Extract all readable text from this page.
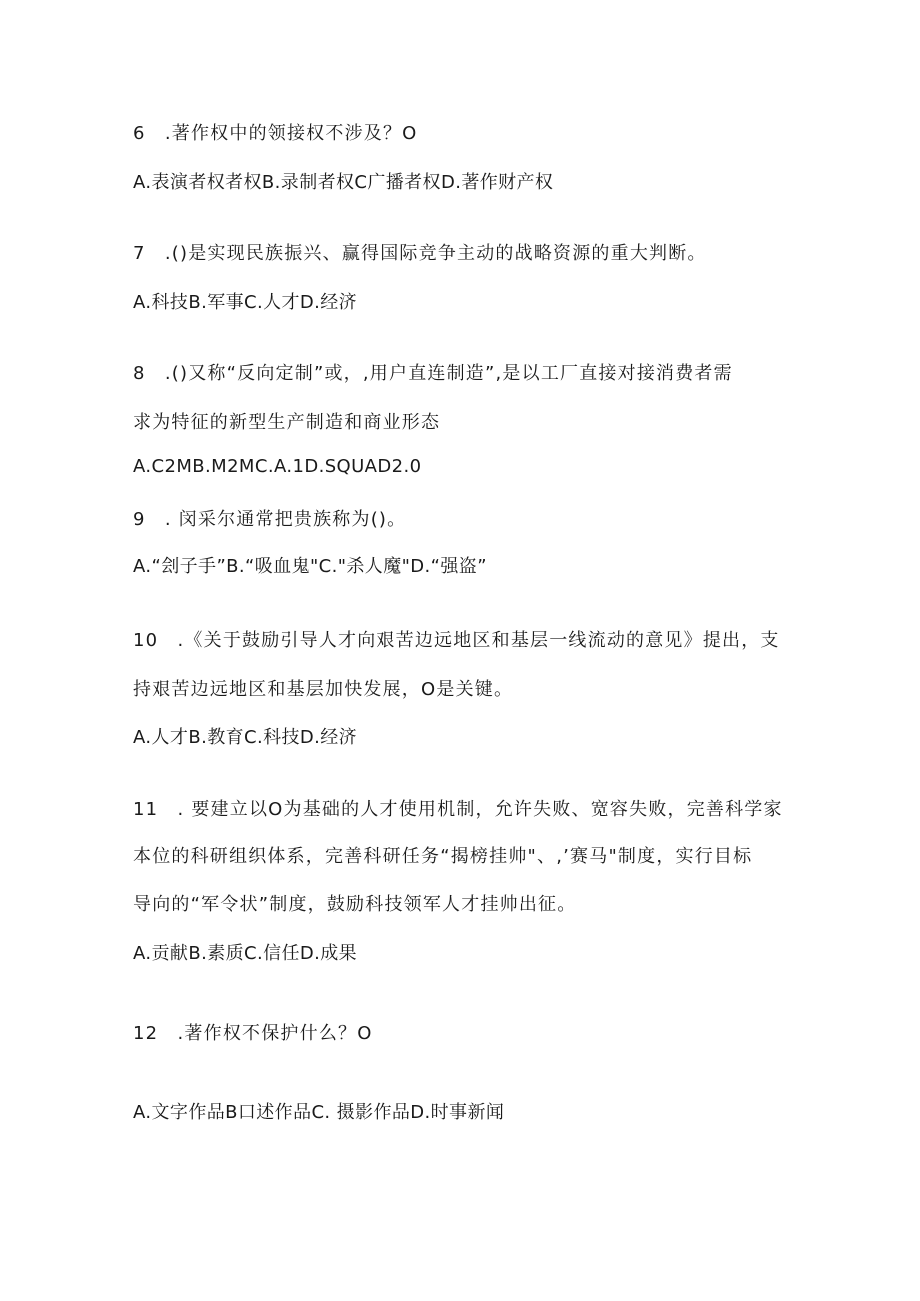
6　.著作权中的领接权不涉及？O
A.表演者权者权B.录制者权C广播者权D.著作财产权
7　.()是实现民族振兴、赢得国际竞争主动的战略资源的重大判断。
A.科技B.军事C.人才D.经济
8　.()又称“反向定制”或，,用户直连制造”,是以工厂直接对接消费者需
求为特征的新型生产制造和商业形态
A.C2MB.M2MC.A.1D.SQUAD2.0
9　. 闵采尔通常把贵族称为()。
A.“刽子手”B.“吸血鬼"C."杀人魔"D.“强盗”
10　.《关于鼓励引导人才向艰苦边远地区和基层一线流动的意见》提出，支
持艰苦边远地区和基层加快发展，O是关键。
A.人才B.教育C.科技D.经济
11　. 要建立以O为基础的人才使用机制，允许失败、宽容失败，完善科学家
本位的科研组织体系，完善科研任务“揭榜挂帅"、,’赛马"制度，实行目标
导向的“军令状”制度，鼓励科技领军人才挂帅出征。
A.贡献B.素质C.信任D.成果
12　.著作权不保护什么？O
A.文字作品B口述作品C. 摄影作品D.时事新闻
